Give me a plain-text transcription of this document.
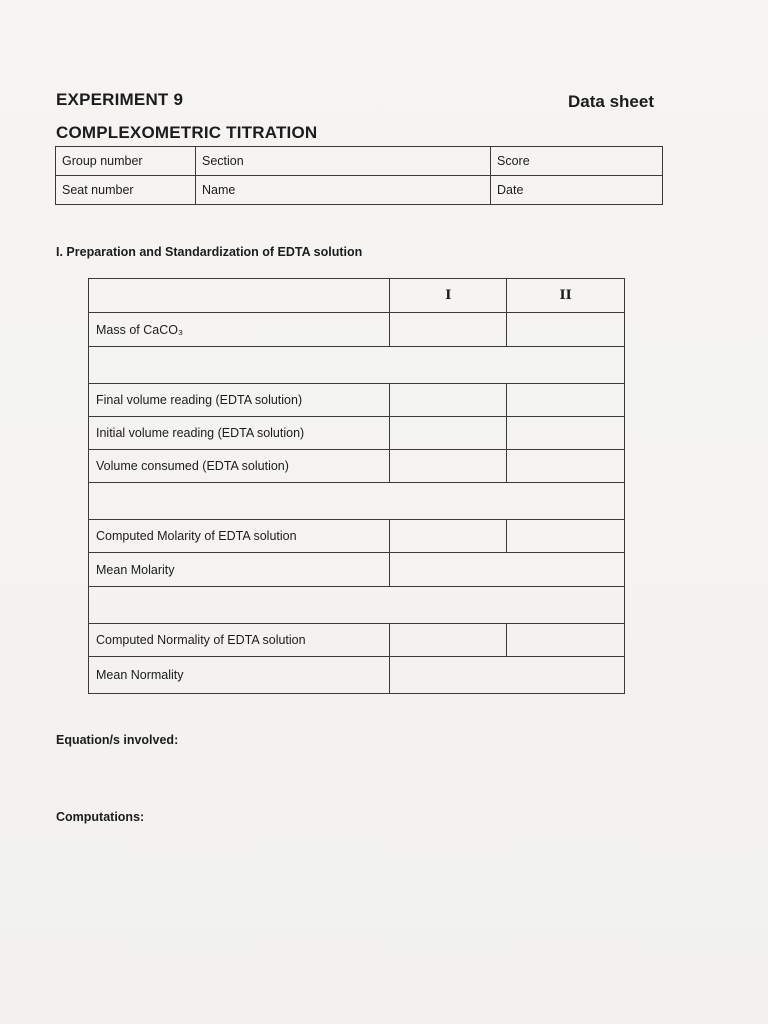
EXPERIMENT 9
COMPLEXOMETRIC TITRATION
Data sheet
Group number	Section	Score
Seat number	Name	Date
I. Preparation and Standardization of EDTA solution
	I	II
Mass of CaCO₃		

Final volume reading (EDTA solution)		
Initial volume reading (EDTA solution)		
Volume consumed (EDTA solution)		

Computed Molarity of EDTA solution		
Mean Molarity		

Computed Normality of EDTA solution		
Mean Normality		
Equation/s involved:
Computations:
